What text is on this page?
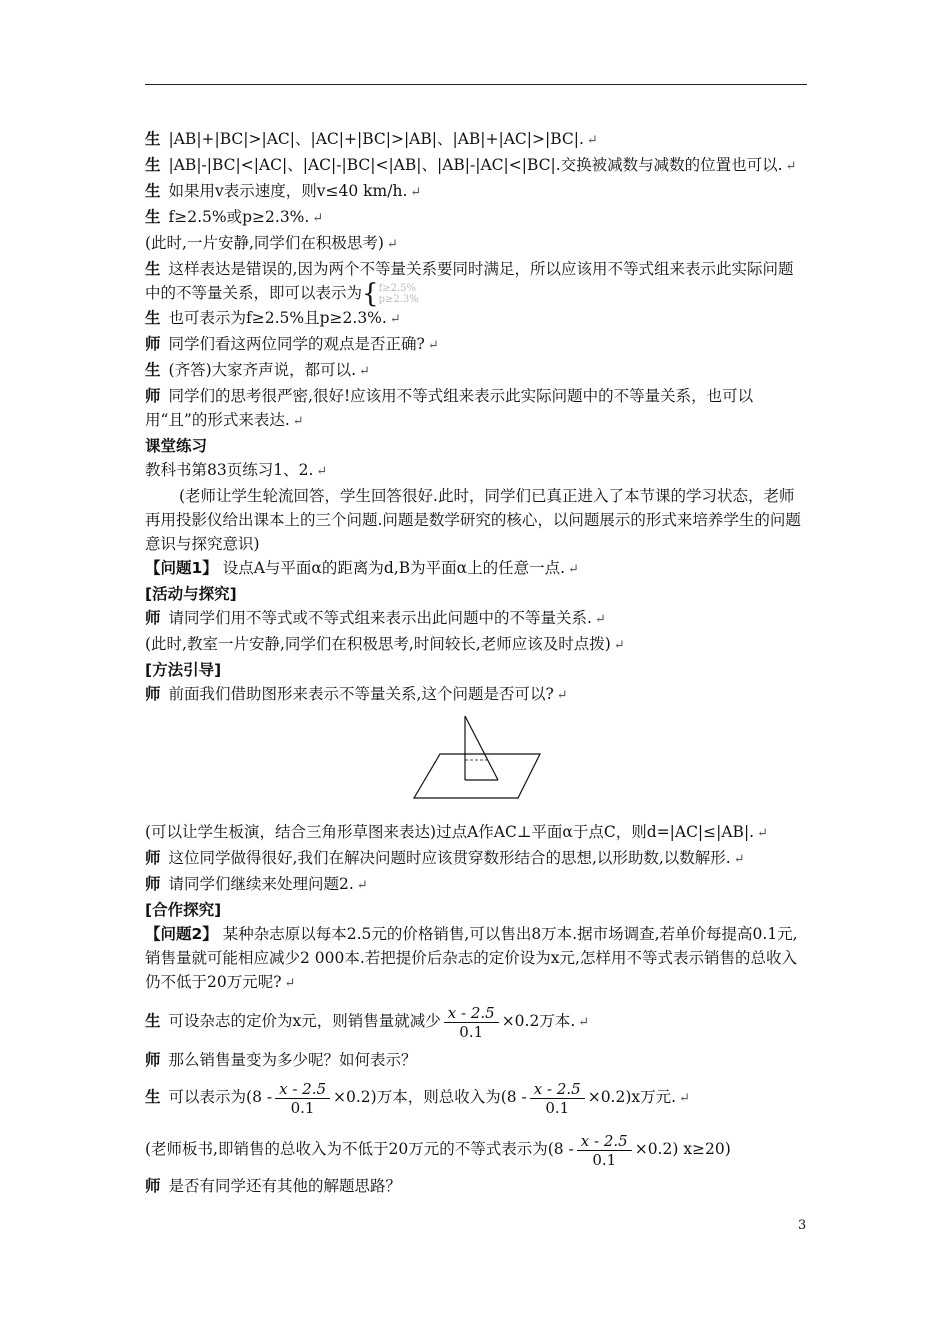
生 |AB|+|BC|>|AC|、|AC|+|BC|>|AB|、|AB|+|AC|>|BC|. ↵

生 |AB|-|BC|<|AC|、|AC|-|BC|<|AB|、|AB|-|AC|<|BC|.交换被减数与减数的位置也可以. ↵

生 如果用v表示速度，则v≤40 km/h. ↵

生 f≥2.5%或p≥2.3%. ↵

(此时,一片安静,同学们在积极思考) ↵

生 这样表达是错误的,因为两个不等量关系要同时满足，所以应该用不等式组来表示此实际问题中的不等量关系，即可以表示为{f≥2.5%
p≥2.3%

生 也可表示为f≥2.5%且p≥2.3%. ↵

师 同学们看这两位同学的观点是否正确? ↵

生 (齐答)大家齐声说，都可以. ↵

师 同学们的思考很严密,很好!应该用不等式组来表示此实际问题中的不等量关系，也可以用“且”的形式来表达. ↵

课堂练习

教科书第83页练习1、2. ↵

(老师让学生轮流回答，学生回答很好.此时，同学们已真正进入了本节课的学习状态，老师再用投影仪给出课本上的三个问题.问题是数学研究的核心，以问题展示的形式来培养学生的问题意识与探究意识)

【问题1】 设点A与平面α的距离为d,B为平面α上的任意一点. ↵

[活动与探究]

师 请同学们用不等式或不等式组来表示出此问题中的不等量关系. ↵

(此时,教室一片安静,同学们在积极思考,时间较长,老师应该及时点拨) ↵

[方法引导]

师 前面我们借助图形来表示不等量关系,这个问题是否可以? ↵

(可以让学生板演，结合三角形草图来表达)过点A作AC⊥平面α于点C，则d=|AC|≤|AB|. ↵

师 这位同学做得很好,我们在解决问题时应该贯穿数形结合的思想,以形助数,以数解形. ↵

师 请同学们继续来处理问题2. ↵

[合作探究]

【问题2】 某种杂志原以每本2.5元的价格销售,可以售出8万本.据市场调查,若单价每提高0.1元,销售量就可能相应减少2 000本.若把提价后杂志的定价设为x元,怎样用不等式表示销售的总收入仍不低于20万元呢? ↵

生 可设杂志的定价为x元，则销售量就减少 $\frac{x - 2.5}{0.1} \times 0.2$万本. ↵

师 那么销售量变为多少呢？如何表示？

生 可以表示为$(8 - \frac{x - 2.5}{0.1} \times 0.2)$万本，则总收入为$(8 - \frac{x - 2.5}{0.1} \times 0.2)x$万元. ↵

(老师板书,即销售的总收入为不低于20万元的不等式表示为$(8 - \frac{x - 2.5}{0.1} \times 0.2)$ x≥20)

师 是否有同学还有其他的解题思路？

3
